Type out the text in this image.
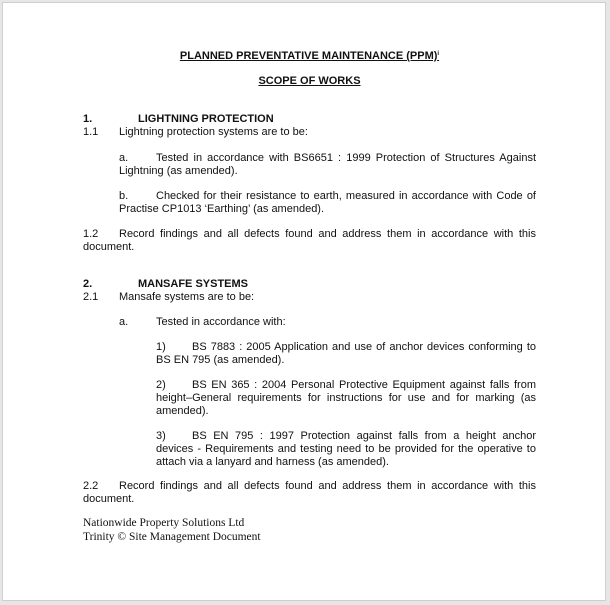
PLANNED PREVENTATIVE MAINTENANCE (PPM)$^i$
SCOPE OF WORKS
1.	LIGHTNING PROTECTION
1.1 Lightning protection systems are to be:
a.	Tested in accordance with BS6651 : 1999 Protection of Structures Against Lightning (as amended).
b.	Checked for their resistance to earth, measured in accordance with Code of Practise CP1013 ‘Earthing’ (as amended).
1.2 Record findings and all defects found and address them in accordance with this document.
2.	MANSAFE SYSTEMS
2.1 Mansafe systems are to be:
a.	Tested in accordance with:
1) BS 7883 : 2005 Application and use of anchor devices conforming to BS EN 795 (as amended).
2) BS EN 365 : 2004 Personal Protective Equipment against falls from height–General requirements for instructions for use and for marking (as amended).
3) BS EN 795 : 1997 Protection against falls from a height anchor devices - Requirements and testing need to be provided for the operative to attach via a lanyard and harness (as amended).
2.2 Record findings and all defects found and address them in accordance with this document.
Nationwide Property Solutions Ltd
Trinity © Site Management Document
